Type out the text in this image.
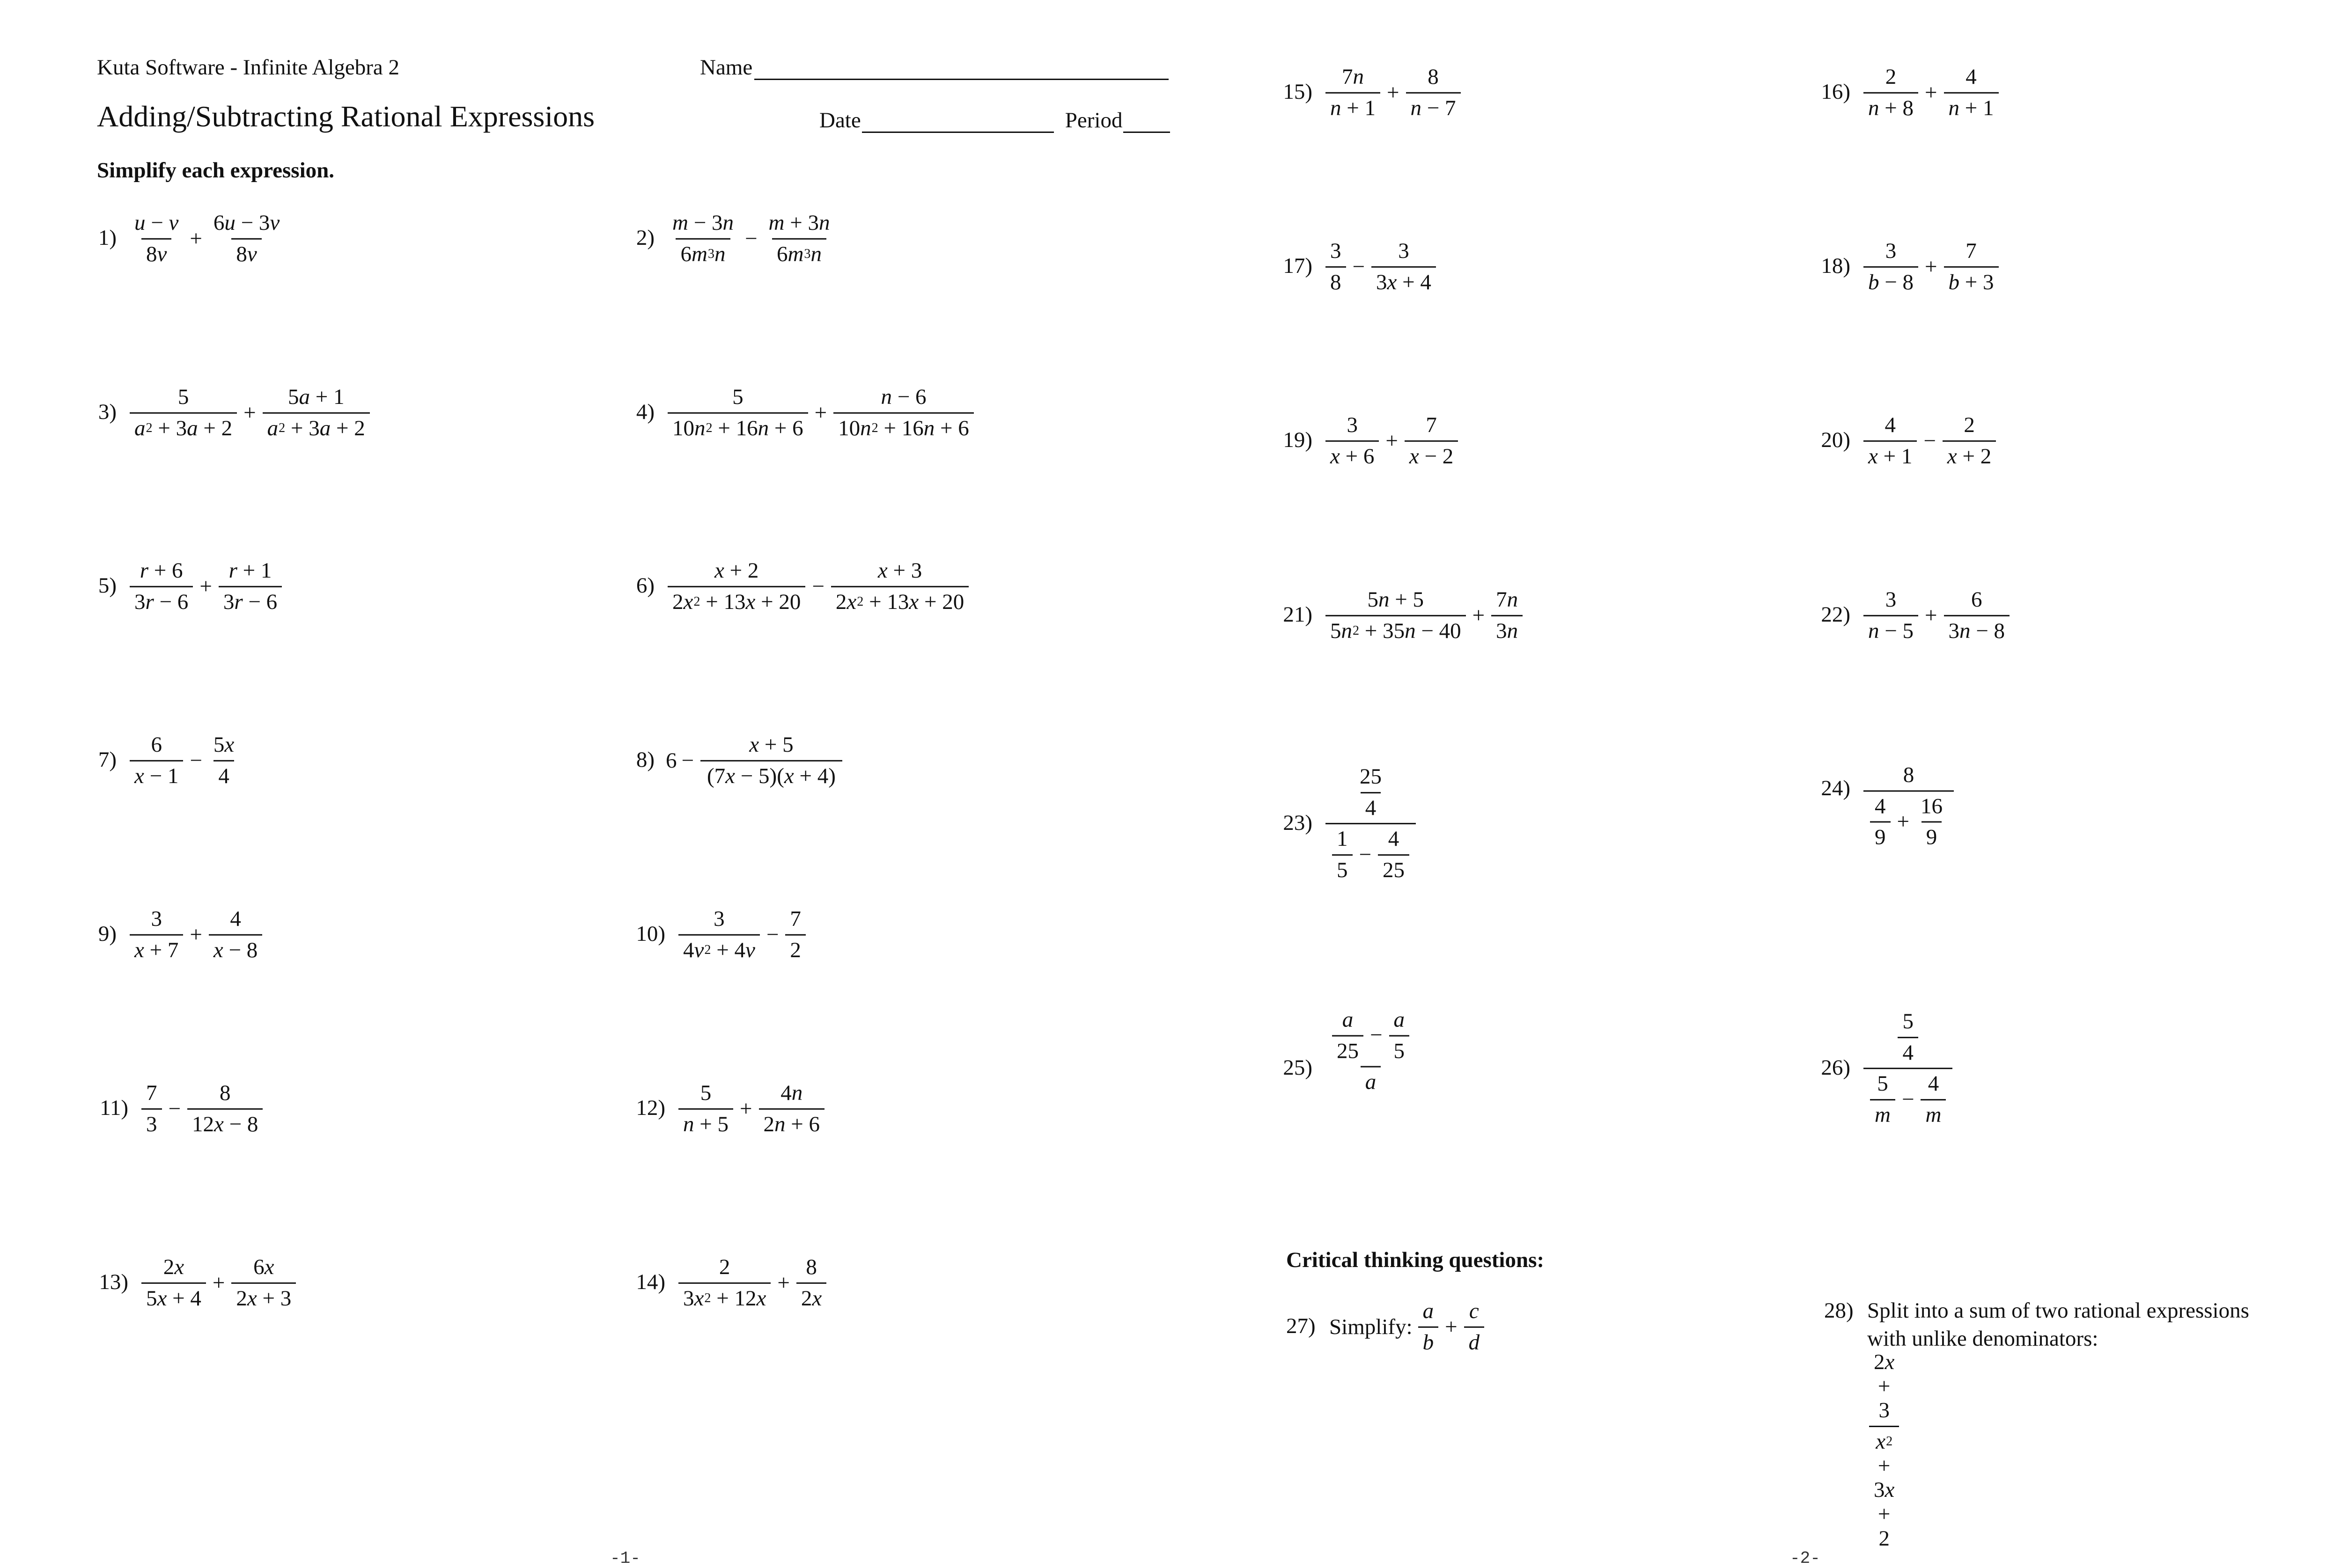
Kuta Software - Infinite Algebra 2	Name
Adding/Subtracting Rational Expressions	Date	Period
Simplify each expression.
$1) \frac{u - v}{8v} + \frac{6u - 3v}{8v}$	$2) \frac{m - 3n}{6m^3n} - \frac{m + 3n}{6m^3n}$
$3) \frac{5}{a^2 + 3a + 2} + \frac{5a + 1}{a^2 + 3a + 2}$	$4) \frac{5}{10n^2 + 16n + 6} + \frac{n - 6}{10n^2 + 16n + 6}$
$5) \frac{r + 6}{3r - 6} + \frac{r + 1}{3r - 6}$	$6) \frac{x + 2}{2x^2 + 13x + 20} - \frac{x + 3}{2x^2 + 13x + 20}$
$7) \frac{6}{x - 1} - \frac{5x}{4}$	8) $6 - \frac{x + 5}{(7x - 5)(x + 4)}$
$9) \frac{3}{x + 7} + \frac{4}{x - 8}$	$10) \frac{3}{4v^2 + 4v} - \frac{7}{2}$
$11) \frac{7}{3} - \frac{8}{12x - 8}$	$12) \frac{5}{n + 5} + \frac{4n}{2n + 6}$
$13) \frac{2x}{5x + 4} + \frac{6x}{2x + 3}$	$14) \frac{2}{3x^2 + 12x} + \frac{8}{2x}$
-1-
$15) \frac{7n}{n + 1} + \frac{8}{n - 7}$	$16) \frac{2}{n + 8} + \frac{4}{n + 1}$
$17) \frac{3}{8} - \frac{3}{3x + 4}$	$18) \frac{3}{b - 8} + \frac{7}{b + 3}$
$19) \frac{3}{x + 6} + \frac{7}{x - 2}$	$20) \frac{4}{x + 1} - \frac{2}{x + 2}$
$21) \frac{5n + 5}{5n^2 + 35n - 40} + \frac{7n}{3n}$	$22) \frac{3}{n - 5} + \frac{6}{3n - 8}$
$23) \frac{\frac{25}{4}}{\frac{1}{5} - \frac{4}{25}}$	$24) \frac{8}{\frac{4}{9} + \frac{16}{9}}$
$25) \frac{\frac{a}{25} - \frac{a}{5}}{a}$	$26) \frac{\frac{5}{4}}{\frac{5}{m} - \frac{4}{m}}$
Critical thinking questions:
27) Simplify: $\frac{a}{b} + \frac{c}{d}$	28) Split into a sum of two rational expressions
with unlike denominators:
$\frac{2x + 3}{x^2 + 3x + 2}$
-2-
